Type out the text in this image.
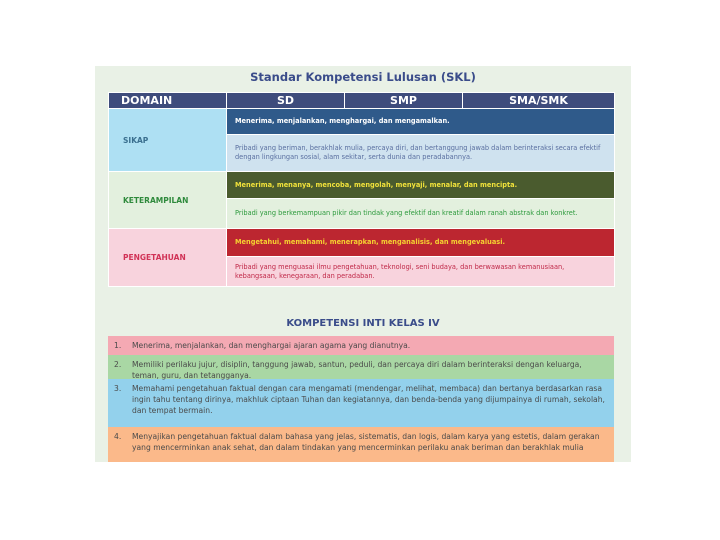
Standar Kompetensi Lulusan (SKL)
DOMAIN	SD	SMP	SMA/SMK
SIKAP	Menerima, menjalankan, menghargai, dan mengamalkan.		
	Pribadi yang beriman, berakhlak mulia, percaya diri, dan bertanggung jawab dalam berinteraksi secara efektif dengan lingkungan sosial, alam sekitar, serta dunia dan peradabannya.		
KETERAMPILAN	Menerima, menanya, mencoba, mengolah, menyaji, menalar, dan mencipta.		
	Pribadi yang berkemampuan pikir dan tindak yang efektif dan kreatif dalam ranah abstrak dan konkret.		
PENGETAHUAN	Mengetahui, memahami, menerapkan, menganalisis, dan mengevaluasi.		
	Pribadi yang menguasai ilmu pengetahuan, teknologi, seni budaya, dan berwawasan kemanusiaan, kebangsaan, kenegaraan, dan peradaban.		
KOMPETENSI INTI KELAS IV
1.	Menerima, menjalankan, dan menghargai ajaran agama yang dianutnya.
2.	Memiliki perilaku jujur, disiplin, tanggung jawab, santun, peduli, dan percaya diri dalam berinteraksi dengan keluarga, teman, guru, dan tetangganya.
3.	Memahami pengetahuan faktual dengan cara mengamati (mendengar, melihat, membaca) dan bertanya berdasarkan rasa ingin tahu tentang dirinya, makhluk ciptaan Tuhan dan kegiatannya, dan benda-benda yang dijumpainya di rumah, sekolah, dan tempat bermain.
4.	Menyajikan pengetahuan faktual dalam bahasa yang jelas, sistematis, dan logis, dalam karya yang estetis, dalam gerakan yang mencerminkan anak sehat, dan dalam tindakan yang mencerminkan perilaku anak beriman dan berakhlak mulia
